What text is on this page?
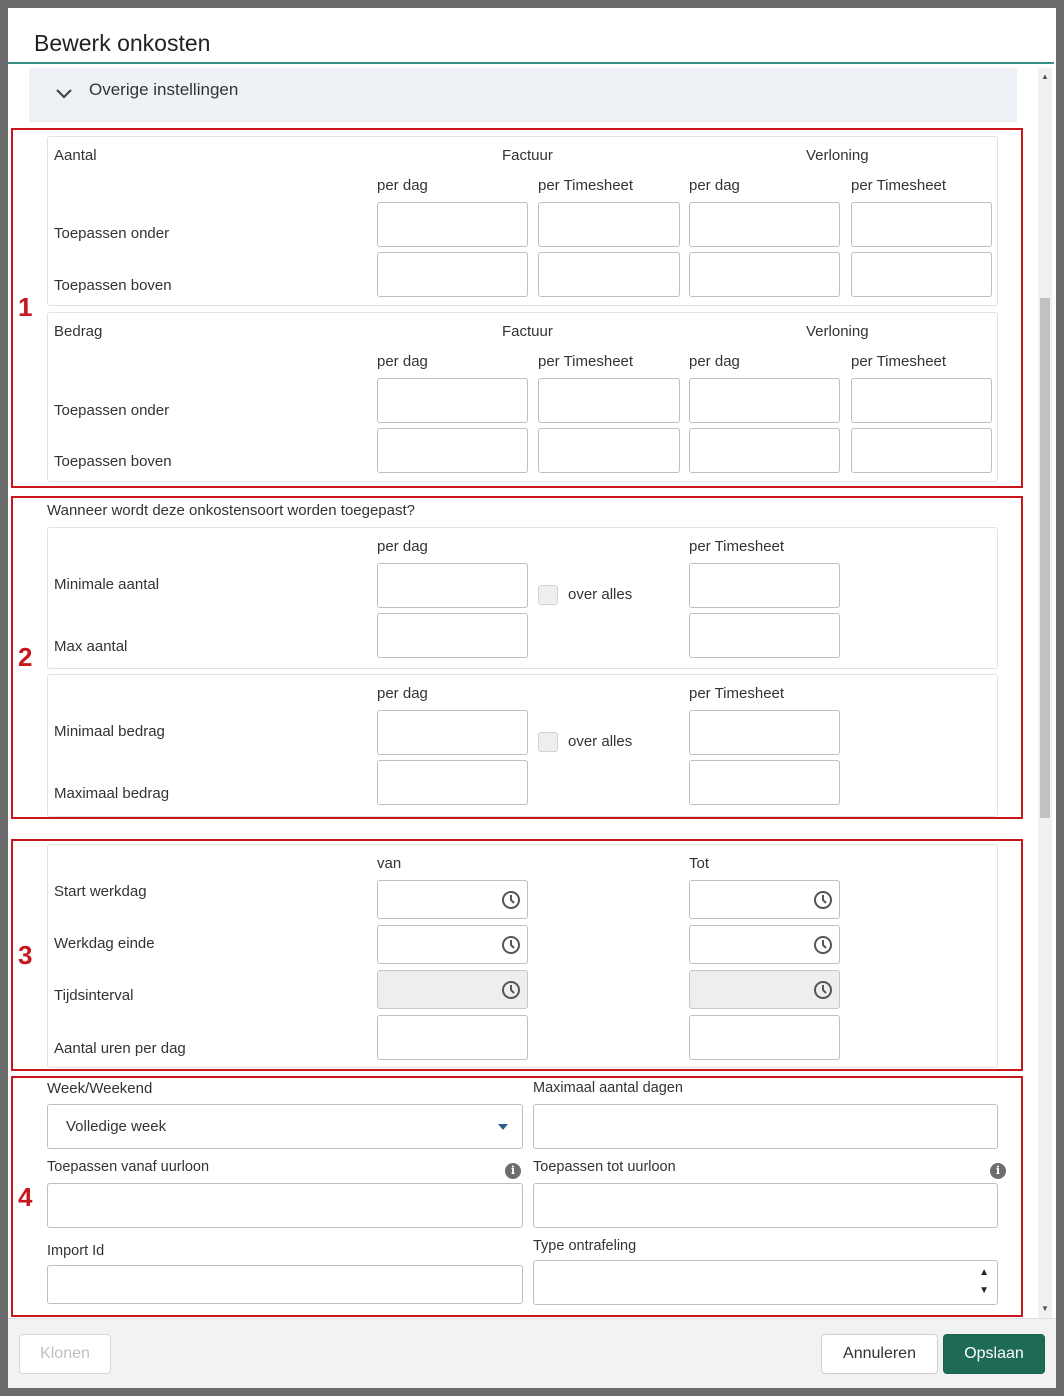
Bewerk onkosten
▲
▼
Overige instellingen
1
Aantal	Factuur	Verloning
per dag	per Timesheet	per dag	per Timesheet
Toepassen onder
Toepassen boven
Bedrag	Factuur	Verloning
per dag	per Timesheet	per dag	per Timesheet
Toepassen onder
Toepassen boven
2
Wanneer wordt deze onkostensoort worden toegepast?
per dag	per Timesheet
Minimale aantal
Max aantal
over alles
per dag	per Timesheet
Minimaal bedrag
Maximaal bedrag
over alles
3
van	Tot
Start werkdag
Werkdag einde
Tijdsinterval
Aantal uren per dag
4
Week/Weekend
Volledige week
Maximaal aantal dagen
Toepassen vanaf uurloon	i	Toepassen tot uurloon	i
Import Id	Type ontrafeling
▲
▼
Klonen	Annuleren	Opslaan
